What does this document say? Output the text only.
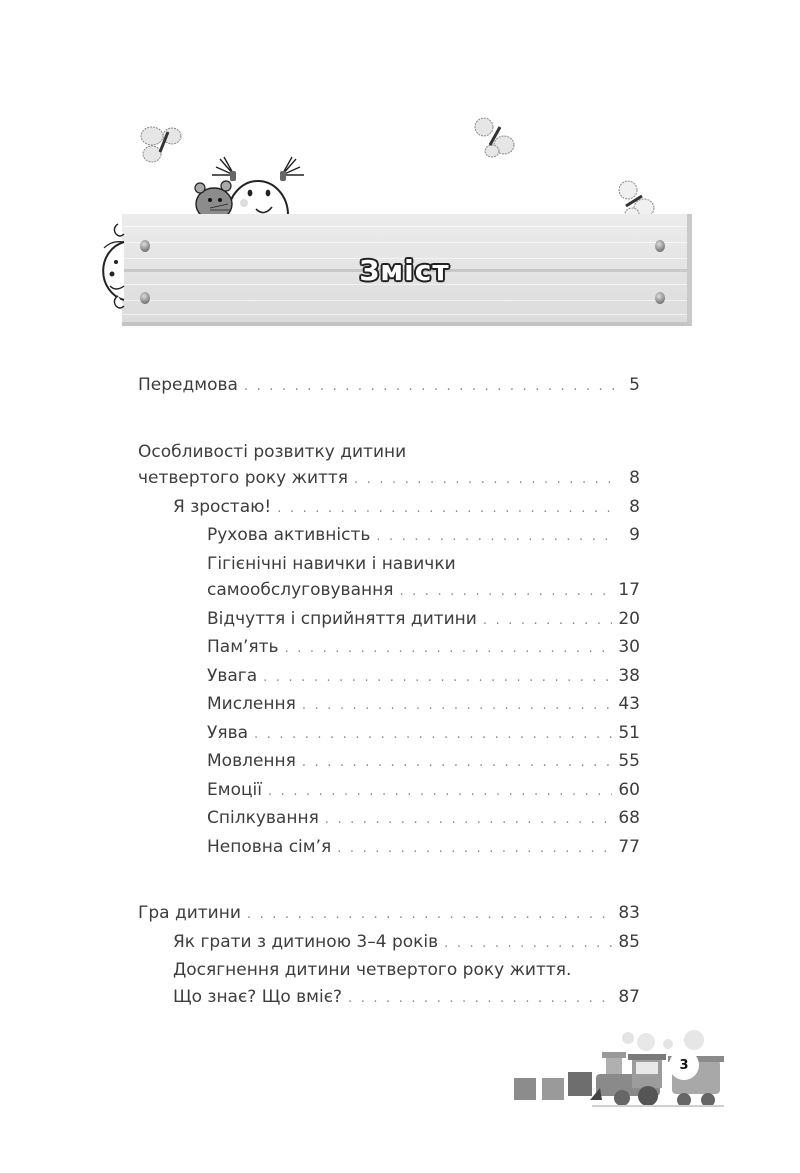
Зміст
Передмова . . .	5
Особливості розвитку дитини
четвертого року життя . . .	8
Я зростаю! . . .	8
Рухова активність . . .	9
Гігієнічні навички і навички
самообслуговування . . .	17
Відчуття і сприйняття дитини . . .	20
Пам’ять . . .	30
Увага . . .	38
Мислення . . .	43
Уява . . .	51
Мовлення . . .	55
Емоції . . .	60
Спілкування . . .	68
Неповна сім’я . . .	77
Гра дитини . . .	83
Як грати з дитиною 3–4 років . . .	85
Досягнення дитини четвертого року життя.
Що знає? Що вміє? . . .	87
3
